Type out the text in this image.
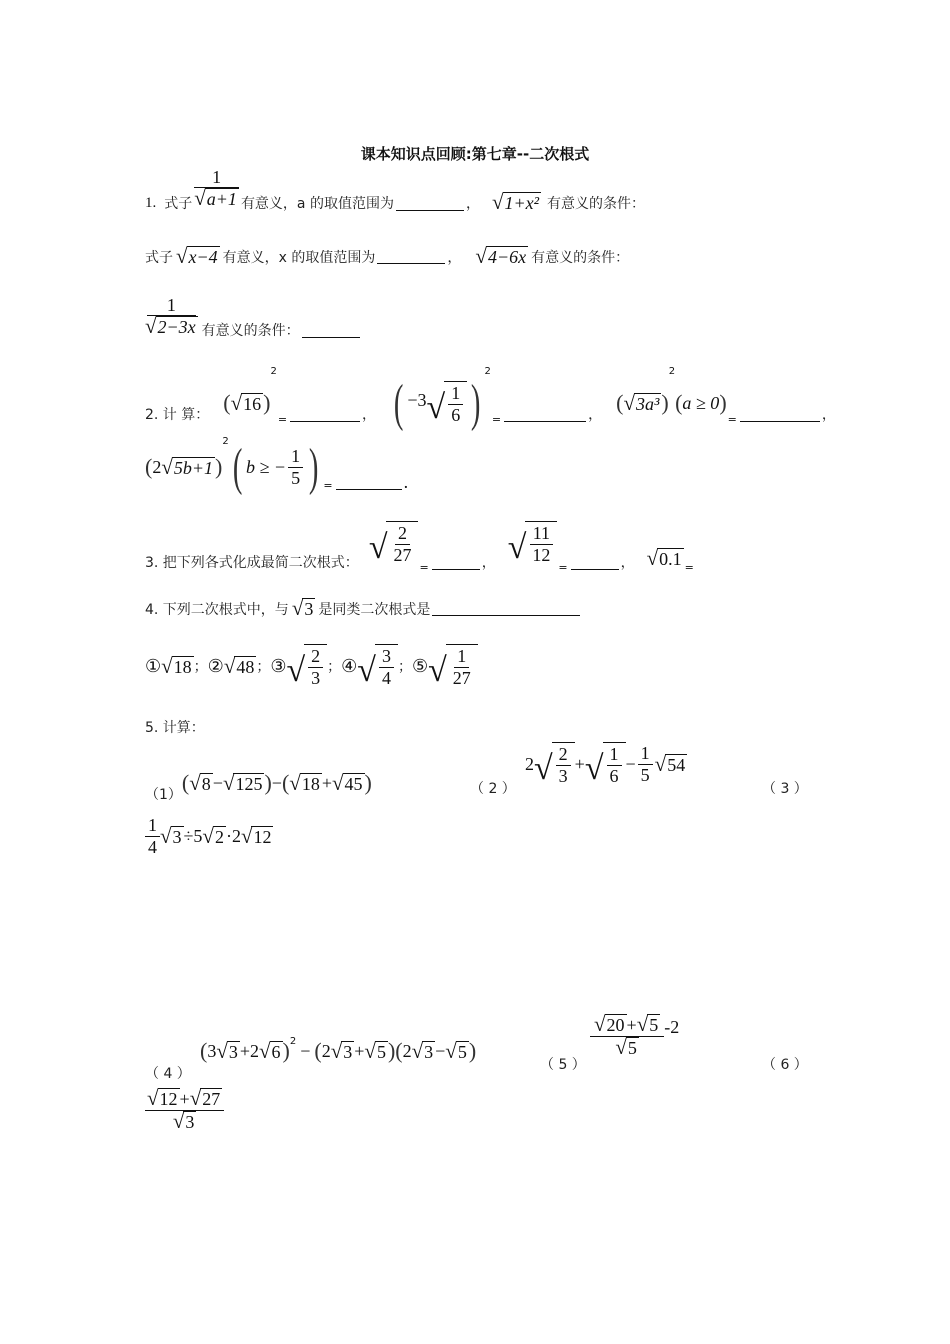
课本知识点回顾:第七章--二次根式
1. 式子 $\frac{1}{√ a+1}$ 有意义，a 的取值范围为	， √ 1+x² 有意义的条件：
式子 √ x−4 有意义，x 的取值范围为	， √ 4−6x 有意义的条件：
$\frac{1}{√ 2-3x}$ 有意义的条件：
2. 计 算： ( √ 16 )
2
=	， ( −3 √ $\frac{1}{6}$ )
2
=	， ( √ 3a³ )
2
( a ≥ 0 )
=	，
( 2 √ 5b+1 )
2 ( b ≥ − $\frac{1}{5}$ ) =	.
3. 把下列各式化成最简二次根式： √ $\frac{2}{27}$
=	， √ $\frac{11}{12}$
=	， √ 0.1 =
4. 下列二次根式中，与 √ 3 是同类二次根式是
① √ 18 ； ② √ 48 ； ③ √ $\frac{2}{3}$ ； ④ √ $\frac{3}{4}$ ； ⑤ √ $\frac{1}{27}$
5. 计算：
（1） ( √ 8 − √ 125 ) − ( √ 18 + √ 45 )	（ 2 ）
2 √ $\frac{2}{3}$ + √ $\frac{1}{6} - \frac{1}{5}$ √ 54
（ 3 ）
$\frac{1}{4}$ √ 3 ÷ 5 √ 2 · 2 √ 12
（ 4 ）
( 3 √ 3 + 2 √ 6 ) 2 − ( 2 √ 3 + √ 5 ) ( 2 √ 3 − √ 5 )
（ 5 ）
$\frac{√ 20 + √ 5}{√ 5} -2$
（ 6 ）
$\frac{√ 12 + √ 27}{√ 3}$
